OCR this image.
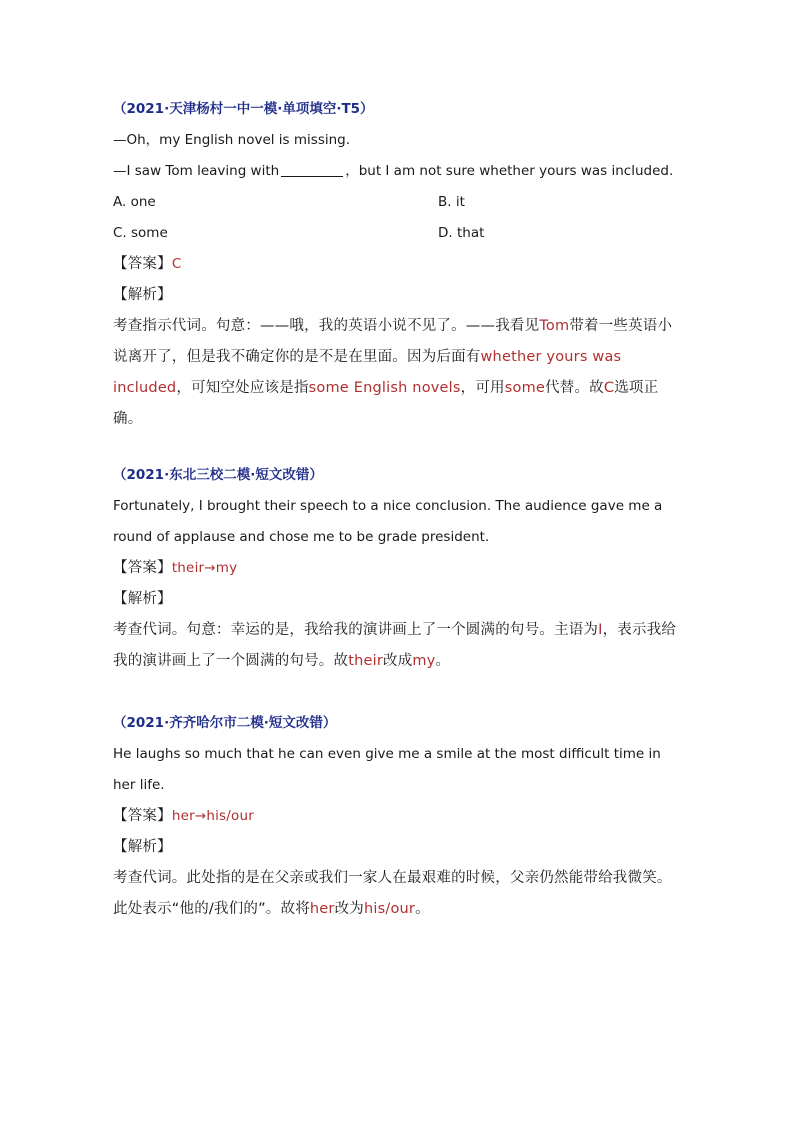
（2021·天津杨村一中一模·单项填空·T5）
—Oh，my English novel is missing.
—I saw Tom leaving with	，but I am not sure whether yours was included.
A. one	B. it
C. some	D. that
【答案】C
【解析】
考查指示代词。句意：——哦，我的英语小说不见了。——我看见Tom带着一些英语小说离开了，但是我不确定你的是不是在里面。因为后面有whether yours was included，可知空处应该是指some English novels，可用some代替。故C选项正确。
（2021·东北三校二模·短文改错）
Fortunately, I brought their speech to a nice conclusion. The audience gave me a round of applause and chose me to be grade president.
【答案】their→my
【解析】
考查代词。句意：幸运的是，我给我的演讲画上了一个圆满的句号。主语为I，表示我给我的演讲画上了一个圆满的句号。故their改成my。
（2021·齐齐哈尔市二模·短文改错）
He laughs so much that he can even give me a smile at the most difficult time in her life.
【答案】her→his/our
【解析】
考查代词。此处指的是在父亲或我们一家人在最艰难的时候，父亲仍然能带给我微笑。此处表示“他的/我们的”。故将her改为his/our。
